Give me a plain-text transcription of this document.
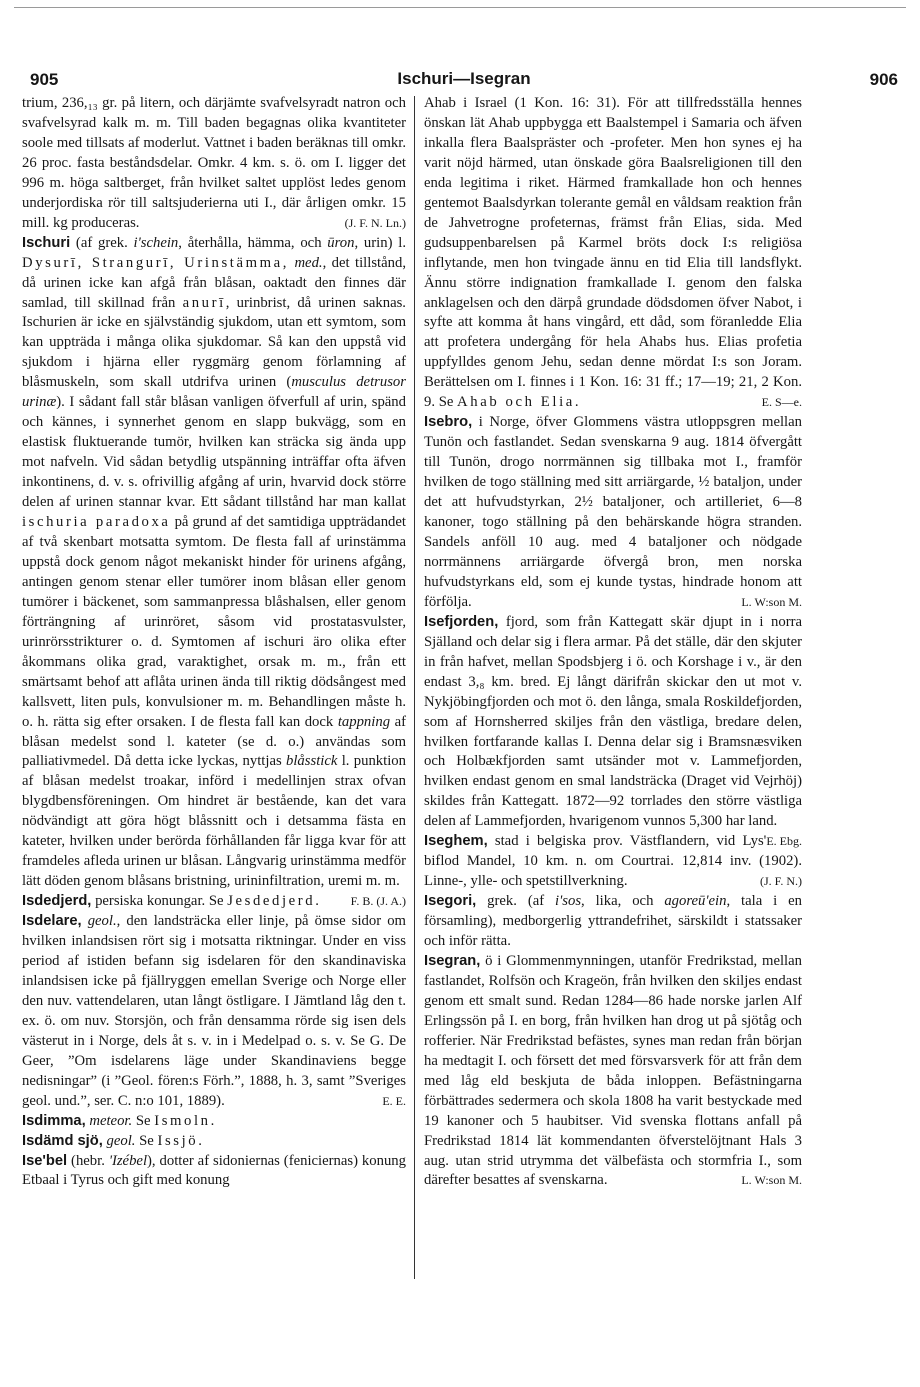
905	Ischuri—Isegran	906

trium, 236,₁₃ gr. på litern, och därjämte svafvelsyradt natron och svafvelsyrad kalk m. m. Till baden begagnas olika kvantiteter soole med tillsats af moderlut. Vattnet i baden beräknas till omkr. 26 proc. fasta beståndsdelar. Omkr. 4 km. s. ö. om I. ligger det 996 m. höga saltberget, från hvilket saltet upplöst ledes genom underjordiska rör till saltsjuderierna uti I., där årligen omkr. 15 mill. kg produceras.	(J. F. N. Ln.)

Ischuri (af grek. i'schein, återhålla, hämma, och ūron, urin) l. Dysurī, Strangurī, Urinstämma, med., det tillstånd, då urinen icke kan afgå från blåsan, oaktadt den finnes där samlad, till skillnad från anurī, urinbrist, då urinen saknas. Ischurien är icke en självständig sjukdom, utan ett symtom, som kan uppträda i många olika sjukdomar. Så kan den uppstå vid sjukdom i hjärna eller ryggmärg genom förlamning af blåsmuskeln, som skall utdrifva urinen (musculus detrusor urinæ). I sådant fall står blåsan vanligen öfverfull af urin, spänd och kännes, i synnerhet genom en slapp bukvägg, som en elastisk fluktuerande tumör, hvilken kan sträcka sig ända upp mot nafveln. Vid sådan betydlig utspänning inträffar ofta äfven inkontinens, d. v. s. ofrivillig afgång af urin, hvarvid dock större delen af urinen stannar kvar. Ett sådant tillstånd har man kallat ischuria paradoxa på grund af det samtidiga uppträdandet af två skenbart motsatta symtom. De flesta fall af urinstämma uppstå dock genom något mekaniskt hinder för urinens afgång, antingen genom stenar eller tumörer inom blåsan eller genom tumörer i bäckenet, som sammanpressa blåshalsen, eller genom förträngning af urinröret, såsom vid prostatasvulster, urinrörsstrikturer o. d. Symtomen af ischuri äro olika efter åkommans olika grad, varaktighet, orsak m. m., från ett smärtsamt behof att aflåta urinen ända till riktig dödsångest med kallsvett, liten puls, konvulsioner m. m. Behandlingen måste h. o. h. rätta sig efter orsaken. I de flesta fall kan dock tappning af blåsan medelst sond l. kateter (se d. o.) användas som palliativmedel. Då detta icke lyckas, nyttjas blåsstick l. punktion af blåsan medelst troakar, införd i medellinjen strax ofvan blygdbensföreningen. Om hindret är bestående, kan det vara nödvändigt att göra högt blåssnitt och i detsamma fästa en kateter, hvilken under berörda förhållanden får ligga kvar för att framdeles afleda urinen ur blåsan. Långvarig urinstämma medför lätt döden genom blåsans bristning, urininfiltration, uremi m. m.
F. B. (J. A.)

Isdedjerd, persiska konungar. Se Jesdedjerd.

Isdelare, geol., den landsträcka eller linje, på ömse sidor om hvilken inlandsisen rört sig i motsatta riktningar. Under en viss period af istiden befann sig isdelaren för den skandinaviska inlandsisen icke på fjällryggen emellan Sverige och Norge eller den nuv. vattendelaren, utan långt östligare. I Jämtland låg den t. ex. ö. om nuv. Storsjön, och från densamma rörde sig isen dels västerut in i Norge, dels åt s. v. in i Medelpad o. s. v. Se G. De Geer, ”Om isdelarens läge under Skandinaviens begge nedisningar” (i ”Geol. fören:s Förh.”, 1888, h. 3, samt ”Sveriges geol. und.”, ser. C. n:o 101, 1889).	E. E.

Isdimma, meteor. Se Ismoln.

Isdämd sjö, geol. Se Issjö.

Ise'bel (hebr. 'Izébel), dotter af sidoniernas (feniciernas) konung Etbaal i Tyrus och gift med konung

Ahab i Israel (1 Kon. 16: 31). För att tillfredsställa hennes önskan lät Ahab uppbygga ett Baalstempel i Samaria och äfven inkalla flera Baalspräster och -profeter. Men hon synes ej ha varit nöjd härmed, utan önskade göra Baalsreligionen till den enda legitima i riket. Härmed framkallade hon och hennes gentemot Baalsdyrkan tolerante gemål en våldsam reaktion från de Jahvetrogne profeternas, främst från Elias, sida. Med gudsuppenbarelsen på Karmel bröts dock I:s religiösa inflytande, men hon tvingade ännu en tid Elia till landsflykt. Ännu större indignation framkallade I. genom den falska anklagelsen och den därpå grundade dödsdomen öfver Nabot, i syfte att komma åt hans vingård, ett dåd, som föranledde Elia att profetera undergång för hela Ahabs hus. Elias profetia uppfylldes genom Jehu, sedan denne mördat I:s son Joram. Berättelsen om I. finnes i 1 Kon. 16: 31 ff.; 17—19; 21, 2 Kon. 9. Se Ahab och Elia.	E. S—e.

Isebro, i Norge, öfver Glommens västra utloppsgren mellan Tunön och fastlandet. Sedan svenskarna 9 aug. 1814 öfvergått till Tunön, drogo norrmännen sig tillbaka mot I., framför hvilken de togo ställning med sitt arriärgarde, ½ bataljon, under det att hufvudstyrkan, 2½ bataljoner, och artilleriet, 6—8 kanoner, togo ställning på den behärskande högra stranden. Sandels anföll 10 aug. med 4 bataljoner och nödgade norrmännens arriärgarde öfvergå bron, men norska hufvudstyrkans eld, som ej kunde tystas, hindrade honom att förfölja.	L. W:son M.

Isefjorden, fjord, som från Kattegatt skär djupt in i norra Själland och delar sig i flera armar. På det ställe, där den skjuter in från hafvet, mellan Spodsbjerg i ö. och Korshage i v., är den endast 3,₈ km. bred. Ej långt därifrån skickar den ut mot v. Nykjöbingfjorden och mot ö. den långa, smala Roskildefjorden, som af Hornsherred skiljes från den västliga, bredare delen, hvilken fortfarande kallas I. Denna delar sig i Bramsnæsviken och Holbækfjorden samt utsänder mot v. Lammefjorden, hvilken endast genom en smal landsträcka (Draget vid Vejrhöj) skildes från Kattegatt. 1872—92 torrlades den större västliga delen af Lammefjorden, hvarigenom vunnos 5,300 har land.
E. Ebg.

Iseghem, stad i belgiska prov. Västflandern, vid Lys' biflod Mandel, 10 km. n. om Courtrai. 12,814 inv. (1902). Linne-, ylle- och spetstillverkning.	(J. F. N.)

Isegori, grek. (af i'sos, lika, och agoreū'ein, tala i en församling), medborgerlig yttrandefrihet, särskildt i statssaker och inför rätta.

Isegran, ö i Glommenmynningen, utanför Fredrikstad, mellan fastlandet, Rolfsön och Krageön, från hvilken den skiljes endast genom ett smalt sund. Redan 1284—86 hade norske jarlen Alf Erlingssön på I. en borg, från hvilken han drog ut på sjötåg och rofferier. När Fredrikstad befästes, synes man redan från början ha medtagit I. och försett det med försvarsverk för att från dem med låg eld beskjuta de båda inloppen. Befästningarna förbättrades sedermera och skola 1808 ha varit bestyckade med 19 kanoner och 5 haubitser. Vid svenska flottans anfall på Fredrikstad 1814 lät kommendanten öfverstelöjtnant Hals 3 aug. utan strid utrymma det välbefästa och stormfria I., som därefter besattes af svenskarna.	L. W:son M.
